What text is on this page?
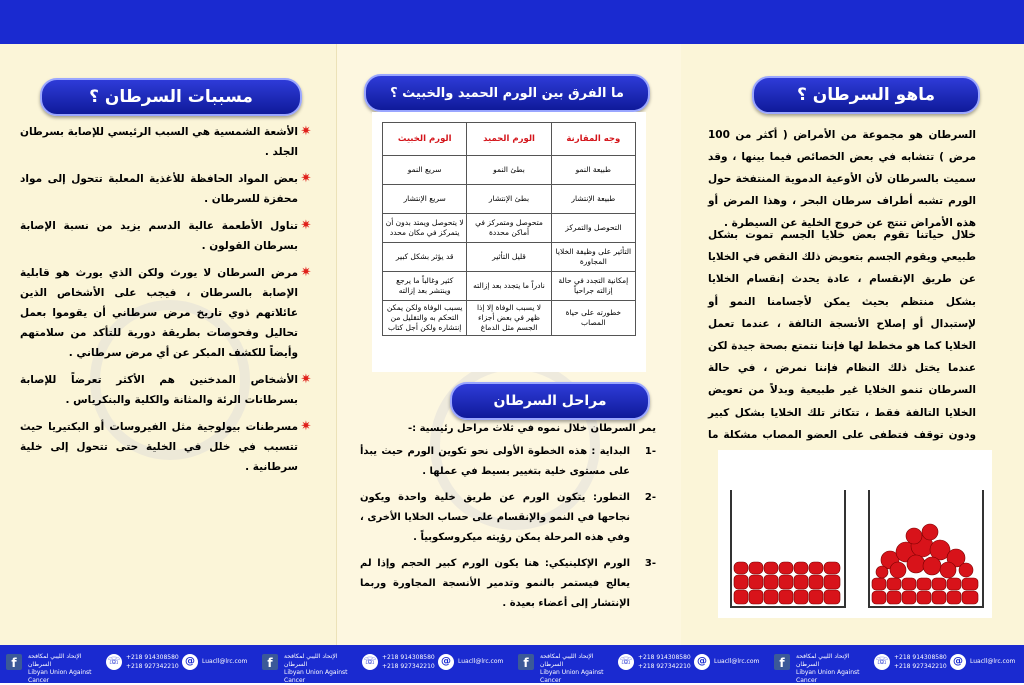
ماهو السرطان ؟
السرطان هو مجموعة من الأمراض ( أكثر من 100 مرض ) تتشابه في بعض الخصائص فيما بينها ، وقد سميت بالسرطان لأن الأوعية الدموية المنتفخة حول الورم تشبه أطراف سرطان البحر ، وهذا المرض أو هذه الأمراض تنتج عن خروج الخلية عن السيطرة .
خلال حياتنا تقوم بعض خلايا الجسم تموت بشكل طبيعي ويقوم الجسم بتعويض ذلك النقص في الخلايا عن طريق الإنقسام ، عادة يحدث إنقسام الخلايا بشكل منتظم بحيث يمكن لأجسامنا النمو أو لإستبدال أو إصلاح الأنسجة التالفة ، عندما تعمل الخلايا كما هو مخطط لها فإننا نتمتع بصحة جيدة لكن عندما يختل ذلك النظام فإننا نمرض ، في حالة السرطان تنمو الخلايا غير طبيعية وبدلاً من تعويض الخلايا التالفة فقط ، تتكاثر تلك الخلايا بشكل كبير ودون توقف فتطفى على العضو المصاب مشكلة ما
ما الفرق بين الورم الحميد والخبيث ؟
وجه المقارنة	الورم الحميد	الورم الخبيث
طبيعة النمو	بطئ النمو	سريع النمو
طبيعة الإنتشار	بطئ الإنتشار	سريع الإنتشار
التحوصل والتمركز	متحوصل ومتمركز في أماكن محددة	لا يتحوصل ويمتد بدون أن يتمركز في مكان محدد
التأثير على وظيفة الخلايا المجاورة	قليل التأثير	قد يؤثر بشكل كبير
إمكانية التجدد في حالة إزالته جراحياً	نادراً ما يتجدد بعد إزالته	كثير وغالباً ما يرجع وينتشر بعد إزالته
خطورته على حياة المصاب	لا يسبب الوفاة إلا إذا ظهر في بعض أجزاء الجسم مثل الدماغ	يسبب الوفاة ولكن يمكن التحكم به والتقليل من إنتشاره ولكن أجل كتاب
مراحل السرطان
يمر السرطان خلال نموه في ثلاث مراحل رئيسية :-
-1
البداية : هذه الخطوة الأولى نحو تكوين الورم حيث يبدأ على مستوى خلية بتغيير بسيط في عملها .
-2
التطور: يتكون الورم عن طريق خلية واحدة ويكون نجاحها في النمو والإنقسام على حساب الخلايا الأخرى ، وفي هذه المرحلة يمكن رؤيته ميكروسكوبياً .
-3
الورم الإكلينيكي: هنا يكون الورم كبير الحجم وإذا لم يعالج فيستمر بالنمو وتدمير الأنسجة المجاورة وربما الإنتشار إلى أعضاء بعيدة .
مسببات السرطان ؟
✷
الأشعة الشمسية هي السبب الرئيسي للإصابة بسرطان الجلد .
✷
بعض المواد الحافظة للأغذية المعلبة تتحول إلى مواد محفزة للسرطان .
✷
تناول الأطعمة عالية الدسم يزيد من نسبة الإصابة بسرطان القولون .
✷
مرض السرطان لا يورث ولكن الذي يورث هو قابلية الإصابة بالسرطان ، فيجب على الأشخاص الذين عائلاتهم ذوي تاريخ مرض سرطاني أن يقوموا بعمل تحاليل وفحوصات بطريقة دورية للتأكد من سلامتهم وأيضاً للكشف المبكر عن أي مرض سرطاني .
✷
الأشخاص المدخنين هم الأكثر تعرضاً للإصابة بسرطانات الرئة والمثانة والكلية والبنكرياس .
✷
مسرطنات بيولوجية مثل الفيروسات أو البكتيريا حيث تتسبب في خلل في الخلية حتى تتحول إلى خلية سرطانية .
f	الإتحاد الليبي لمكافحة السرطان
Libyan Union Against Cancer
☏ +218 914308580
+218 927342210 @	Luacll@lrc.com	f	الإتحاد الليبي لمكافحة السرطان
Libyan Union Against Cancer
☏ +218 914308580
+218 927342210 @	Luacll@lrc.com	f	الإتحاد الليبي لمكافحة السرطان
Libyan Union Against Cancer
☏ +218 914308580
+218 927342210 @	Luacll@lrc.com	f	الإتحاد الليبي لمكافحة السرطان
Libyan Union Against Cancer
☏ +218 914308580
+218 927342210 @	Luacll@lrc.com
